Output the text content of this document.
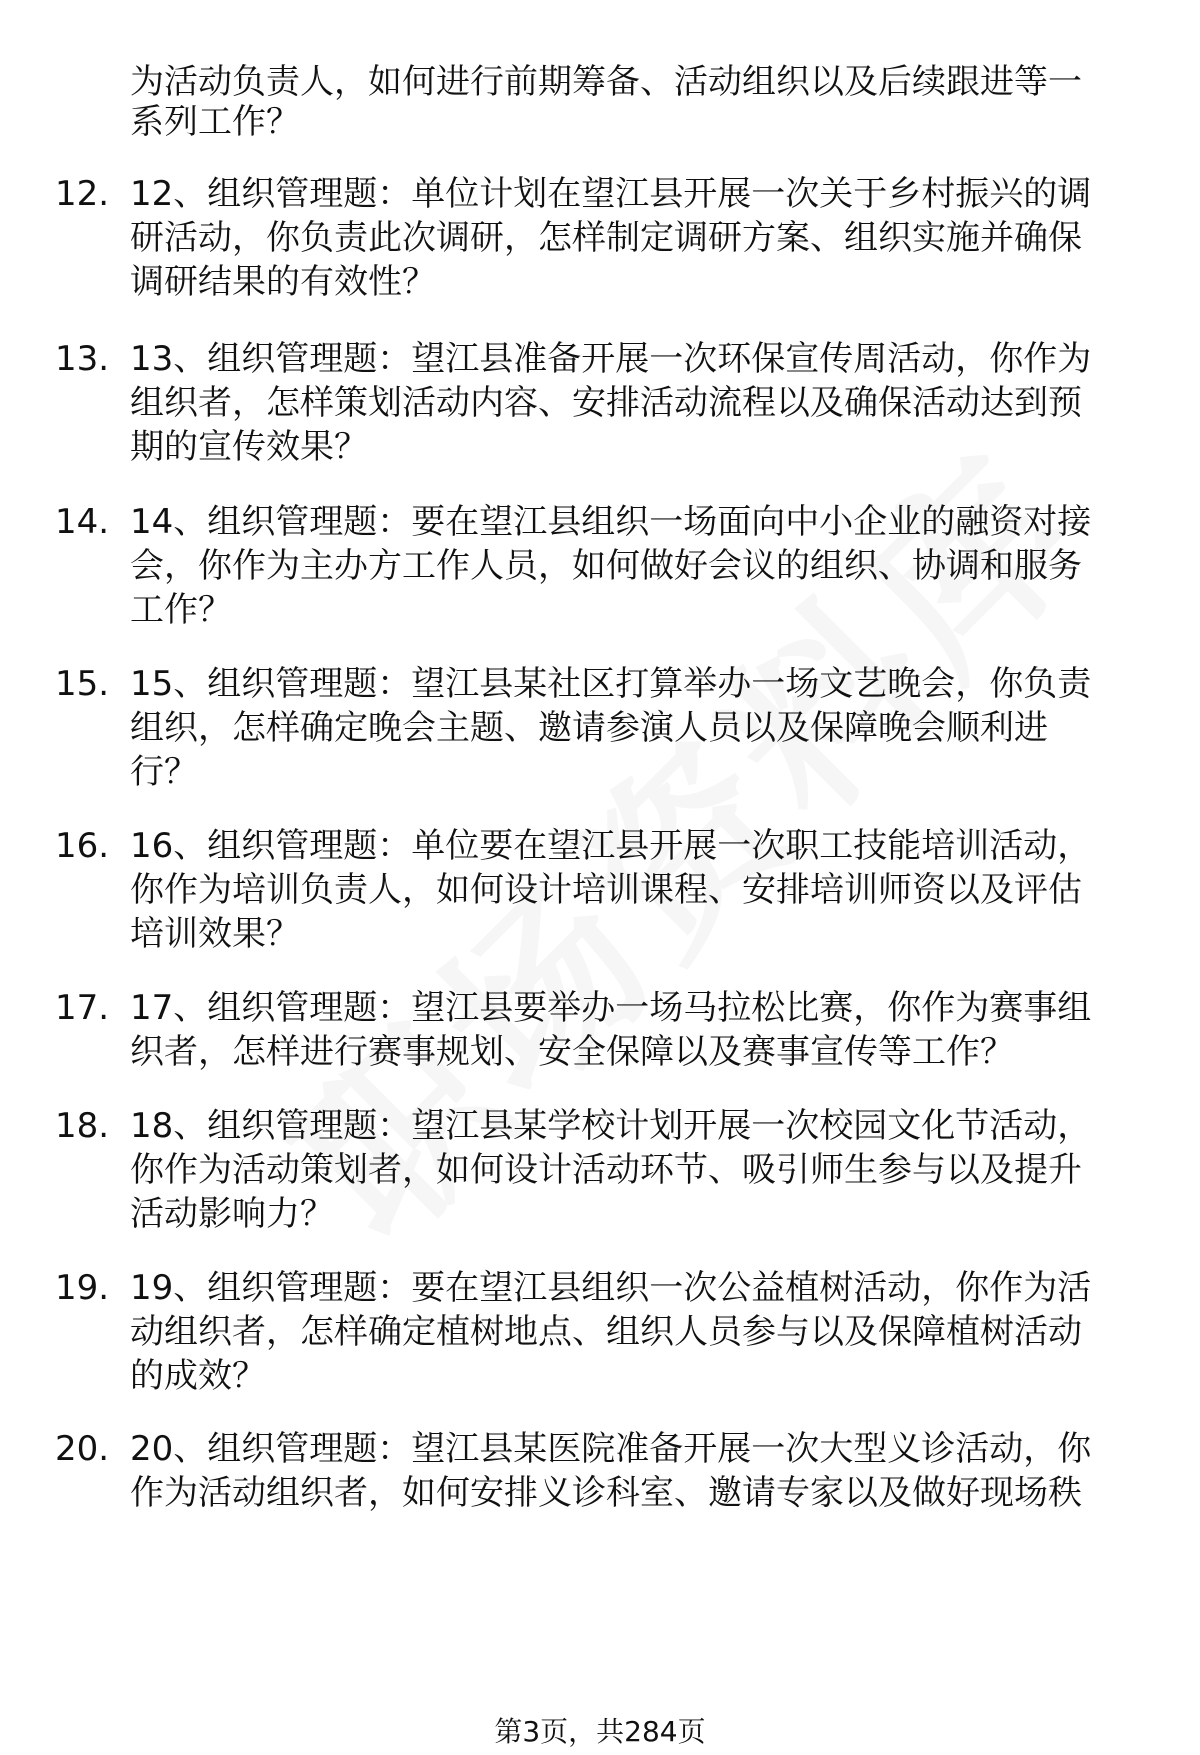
为活动负责人，如何进行前期筹备、活动组织以及后续跟进等一
系列工作？
12. 12、组织管理题：单位计划在望江县开展一次关于乡村振兴的调
研活动，你负责此次调研，怎样制定调研方案、组织实施并确保
调研结果的有效性？
13. 13、组织管理题：望江县准备开展一次环保宣传周活动，你作为
组织者，怎样策划活动内容、安排活动流程以及确保活动达到预
期的宣传效果？
14. 14、组织管理题：要在望江县组织一场面向中小企业的融资对接
会，你作为主办方工作人员，如何做好会议的组织、协调和服务
工作？
15. 15、组织管理题：望江县某社区打算举办一场文艺晚会，你负责
组织，怎样确定晚会主题、邀请参演人员以及保障晚会顺利进
行？
16. 16、组织管理题：单位要在望江县开展一次职工技能培训活动，
你作为培训负责人，如何设计培训课程、安排培训师资以及评估
培训效果？
17. 17、组织管理题：望江县要举办一场马拉松比赛，你作为赛事组
织者，怎样进行赛事规划、安全保障以及赛事宣传等工作？
18. 18、组织管理题：望江县某学校计划开展一次校园文化节活动，
你作为活动策划者，如何设计活动环节、吸引师生参与以及提升
活动影响力？
19. 19、组织管理题：要在望江县组织一次公益植树活动，你作为活
动组织者，怎样确定植树地点、组织人员参与以及保障植树活动
的成效？
20. 20、组织管理题：望江县某医院准备开展一次大型义诊活动，你
作为活动组织者，如何安排义诊科室、邀请专家以及做好现场秩
第3页，共284页
